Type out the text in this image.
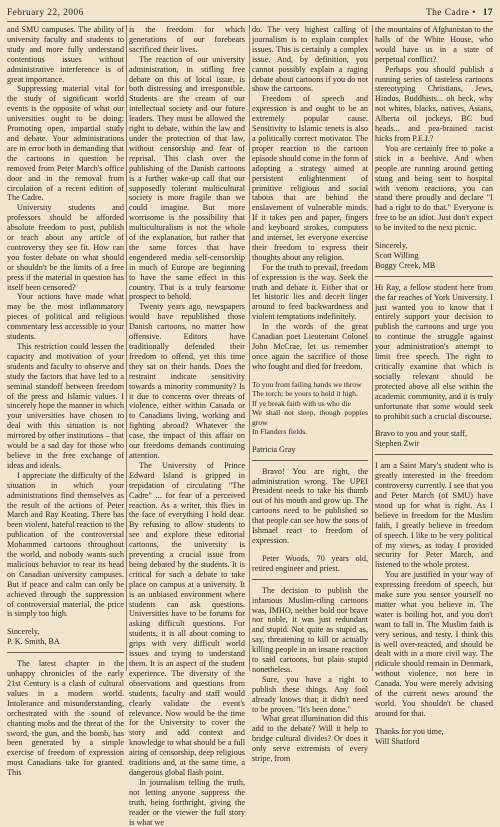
February 22, 2006	The Cadre • 17

and SMU campuses. The ability of university faculty and students to study and more fully understand contentious issues without administrative interference is of great importance.

Suppressing material vital for the study of significant world events is the opposite of what our universities ought to be doing: Promoting open, impartial study and debate. Your administrations are in error both in demanding that the cartoons in question be removed from Peter March's office door and in the removal from circulation of a recent edition of The Cadre.

University students and professors should be afforded absolute freedom to post, publish or teach about any article of controversy they see fit. How can you foster debate on what should or shouldn't be the limits of a free press if the material in question has itself been censored?

Your actions have made what may be the most inflammatory pieces of political and religious commentary less accessible to your students.

This restriction could lessen the capacity and motivation of your students and faculty to observe and study the factors that have led to a seminal standoff between freedom of the press and Islamic values. I sincerely hope the manner in which your universities have chosen to deal with this situation is not mirrored by other institutions – that would be a sad day for those who believe in the free exchange of ideas and ideals.

I appreciate the difficulty of the situation in which your administrations find themselves as the result of the actions of Peter March and Ray Keating. There has been violent, hateful reaction to the publication of the controversial Mohammed cartoons throughout the world, and nobody wants such malicious behavior to rear its head on Canadian university campuses. But if peace and calm can only be achieved through the suppression of controversial material, the price is simply too high.

Sincerely,

P. K. Smith, BA

The latest chapter in the unhappy chronicles of the early 21st Century is a clash of cultural values in a modern world. Intolerance and misunderstanding, orchestrated with the sound of chanting mobs and the threat of the sword, the gun, and the bomb, has been generated by a simple exercise of freedom of expression most Canadians take for granted. This

is the freedom for which generations of our forebears sacrificed their lives.

The reaction of our university administration, in stifling free debate on this of local issue, is both distressing and irresponsible. Students are the cream of our intellectual society and our future leaders. They must be allowed the right to debate, within the law and under the protection of that law, without censorship and fear of reprisal. This clash over the publishing of the Danish cartoons is a further wake-up call that our supposedly tolerant multicultural society is more fragile than we could imagine. But more worrisome is the possibility that multiculturalism is not the whole of the explanation, but rather that the same forces that have engendered media self-censorship in much of Europe are beginning to have the same effect in this country. That is a truly fearsome prospect to behold.

Twenty years ago, newspapers would have republished those Danish cartoons, no matter how offensive. Editors have traditionally defended their freedom to offend, yet this time they sat on their hands. Does the restraint indicate sensitivity towards a minority community? Is it due to concerns over threats of violence, either within Canada or to Canadians living, working and fighting abroad? Whatever the case, the impact of this affair on our freedoms demands continuing attention.

The University of Prince Edward Island is gripped in trepidation of circulating "The Cadre" ... for fear of a perceived reaction. As a writer, this flies in the face of everything I hold dear. By refusing to allow students to see and explore these editorial cartoons, the university is preventing a crucial issue from being debated by the students. It is critical for such a debate to take place on campus at a university. It is an unbiased environment where students can ask questions. Universities have to be forums for asking difficult questions. For students, it is all about coming to grips with very difficult world issues and trying to understand them. It is an aspect of the student experience. The diversity of the observations and questions from students, faculty and staff would clearly validate the event's relevance. Now would be the time for the University to cover the story and add context and knowledge to what should be a full airing of censorship, deep religious traditions and, at the same time, a dangerous global flash point.

In journalism telling the truth, not letting anyone suppress the truth, being forthright, giving the reader or the viewer the full story is what we

do. The very highest calling of journalism is to explain complex issues. This is certainly a complex issue. And, by definition, you cannot possibly explain a raging debate about cartoons if you do not show the cartoons.

Freedom of speech and expression is and ought to be an extremely popular cause. Sensitivity to Islamic tenets is also a politically correct motivator. The proper reaction to the cartoon episode should come in the form of adopting a strategy aimed at persistent enlightenment of primitive religious and social taboos that are behind the enslavement of vulnerable minds. If it takes pen and paper, fingers and keyboard strokes, computers and internet, let everyone exercise their freedom to express their thoughts about any religion.

For the truth to prevail, freedom of expression is the way. Seek the truth and debate it. Either that or let historic lies and deceit linger around to feed backwardness and violent temptations indefinitely.

In the words of the great Canadian poet Lieutenant Colonel John McCrae, let us remember once again the sacrifice of those who fought and died for freedom.

To you from failing hands we throw

The torch; be yours to hold it high.

If ye break faith with us who die

We shall not sleep, though poppies grow

In Flanders fields.

Patricia Gray

Bravo! You are right, the administration wrong. The UPEI President needs to take his thumb out of his mouth and grow up. The cartoons need to be published so that people can see how the sons of Ishmael react to freedom of expression.

Peter Woods, 70 years old, retired engineer and priest.

The decision to publish the infamous Muslim-riling cartoons was, IMHO, neither bold nor brave nor noble, it was just redundant and stupid. Not quite as stupid as, say, threatening to kill or actually killing people in an insane reaction to said cartoons, but plain stupid nonetheless.

Sure, you have a right to publish these things. Any fool already knows that; it didn't need to be proven. "It's been done."

What great illumination did this add to the debate? Will it help to bridge cultural divides? Or does it only serve extremists of every stripe, from

the mountains of Afghanistan to the halls of the White House, who would have us in a state of perpetual conflict?

Perhaps you should publish a running series of tasteless cartoons stereotyping Christians, Jews, Hindus, Buddhists... oh heck, why not whites, blacks, natives, Asians, Alberta oil jockeys, BC bud heads... and pea-brained racist hicks from P.E.I.?

You are certainly free to poke a stick in a beehive. And when people are running around getting stung and being sent to hospital with venom reactions, you can stand there proudly and declare "I had a right to do that." Everyone is free to be an idiot. Just don't expect to be invited to the next picnic.

Sincerely,

Scott Willing

Boggy Creek, MB

Hi Ray, a fellow student here from the far reaches of York University. I just wanted you to know that I entirely support your decision to publish the cartoons and urge you to continue the struggle against your administration's attempt to limit free speech. The right to critically examine that which is socially relevant should be protected above all else within the academic community, and it is truly unfortunate that some would seek to prohibit such a crucial discourse.

Bravo to you and your staff,

Stephen Zwir

I am a Saint Mary's student who is greatly interested in the freedom controversy currently. I see that you and Peter March (of SMU) have stood up for what is right. As I believe in freedom for the Muslim faith, I greatly believe in freedom of speech. I like to be very political of my views, as today I provided security for Peter March, and listened to the whole protest.

You are justified in your way of expressing freedom of speech, but make sure you sensor yourself no matter what you believe in. The water is boiling hot, and you don't want to fall in. The Muslim faith is very serious, and testy. I think this is well over-reacted, and should be dealt with in a more civil way. The ridicule should remain in Denmark, without violence, not here in Canada. You were merely advising of the current news around the world. You shouldn't be chased around for that.

Thanks for you time,

Will Shatford
